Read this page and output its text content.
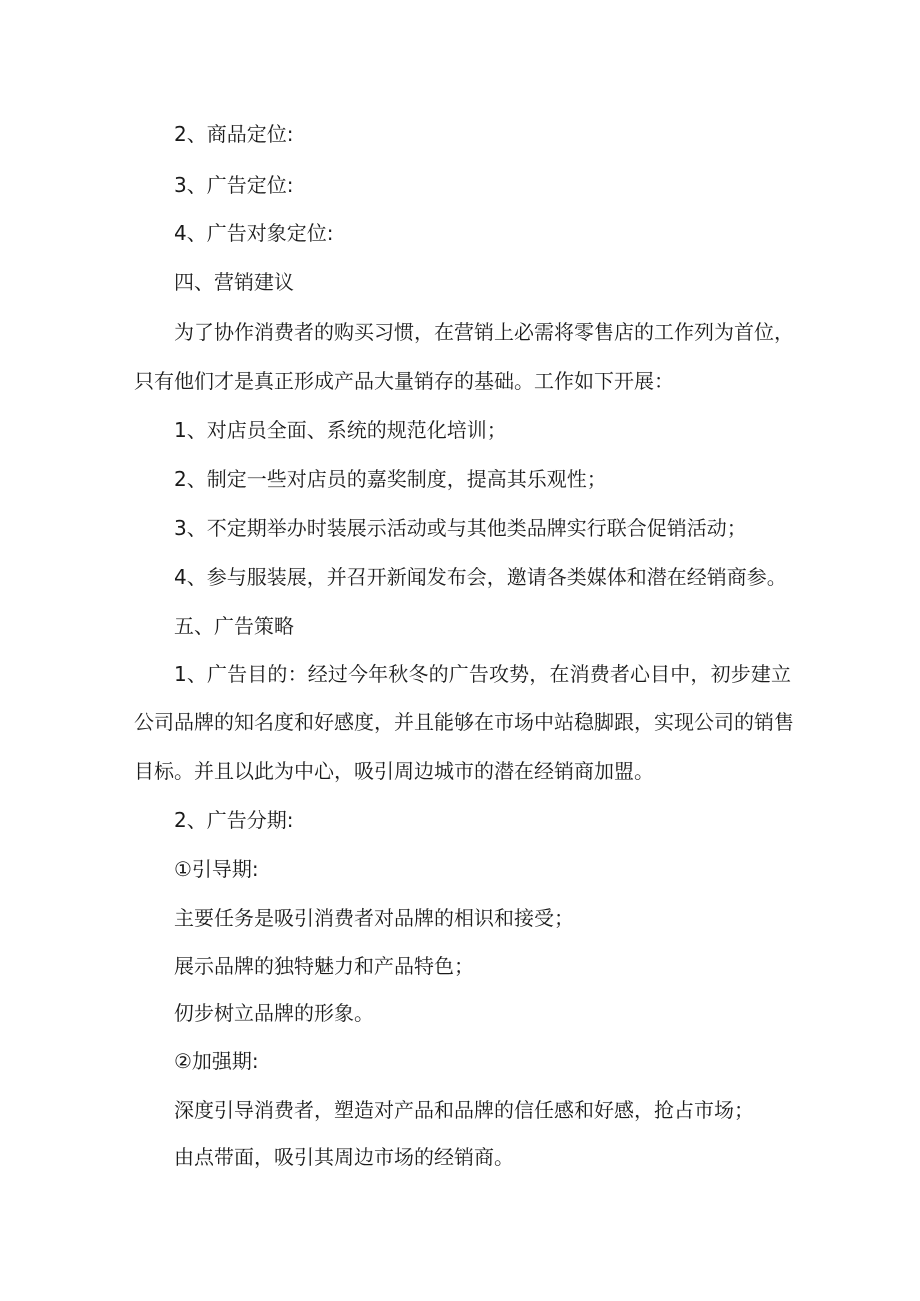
2、商品定位:

3、广告定位:

4、广告对象定位:

四、营销建议

为了协作消费者的购买习惯，在营销上必需将零售店的工作列为首位，

只有他们才是真正形成产品大量销存的基础。工作如下开展：

1、对店员全面、系统的规范化培训；

2、制定一些对店员的嘉奖制度，提高其乐观性；

3、不定期举办时装展示活动或与其他类品牌实行联合促销活动；

4、参与服装展，并召开新闻发布会，邀请各类媒体和潜在经销商参。

五、广告策略

1、广告目的：经过今年秋冬的广告攻势，在消费者心目中，初步建立

公司品牌的知名度和好感度，并且能够在市场中站稳脚跟，实现公司的销售

目标。并且以此为中心，吸引周边城市的潜在经销商加盟。

2、广告分期:

①引导期:

主要任务是吸引消费者对品牌的相识和接受；

展示品牌的独特魅力和产品特色；

仞步树立品牌的形象。

②加强期:

深度引导消费者，塑造对产品和品牌的信任感和好感，抢占市场；

由点带面，吸引其周边市场的经销商。
